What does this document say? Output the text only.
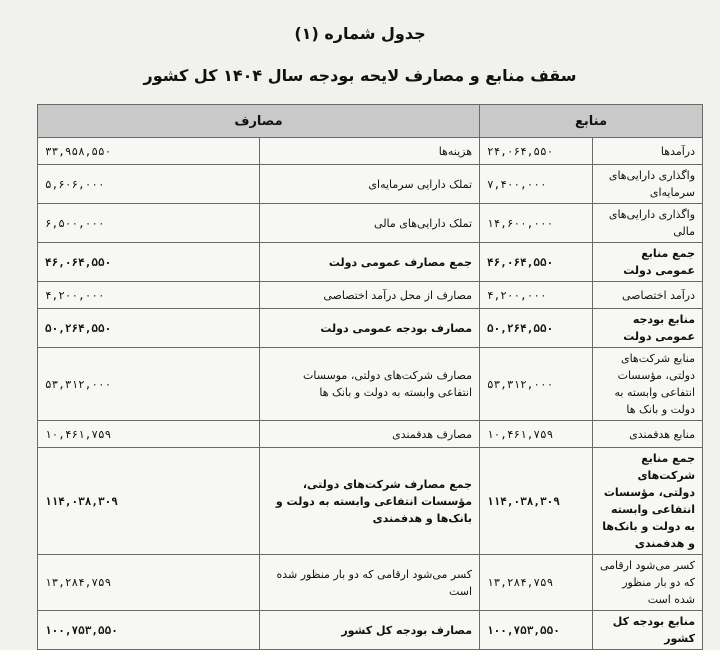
جدول شماره (۱)
سقف منابع و مصارف لایحه بودجه سال ۱۴۰۴ کل کشور
منابع		مصارف	
درآمدها	۲۴,۰۶۴,۵۵۰	هزینه‌ها	۳۳,۹۵۸,۵۵۰
واگذاری دارایی‌های سرمایه‌ای	۷,۴۰۰,۰۰۰	تملک دارایی سرمایه‌ای	۵,۶۰۶,۰۰۰
واگذاری دارایی‌های مالی	۱۴,۶۰۰,۰۰۰	تملک دارایی‌های مالی	۶,۵۰۰,۰۰۰
جمع منابع عمومی دولت	۴۶,۰۶۴,۵۵۰	جمع مصارف عمومی دولت	۴۶,۰۶۴,۵۵۰
درآمد اختصاصی	۴,۲۰۰,۰۰۰	مصارف از محل درآمد اختصاصی	۴,۲۰۰,۰۰۰
منابع بودجه عمومی دولت	۵۰,۲۶۴,۵۵۰	مصارف بودجه عمومی دولت	۵۰,۲۶۴,۵۵۰
منابع شرکت‌های دولتی، مؤسسات انتفاعی وابسته به دولت و بانک ها	۵۳,۳۱۲,۰۰۰	مصارف شرکت‌های دولتی، موسسات انتفاعی وابسته به دولت و بانک ها	۵۳,۳۱۲,۰۰۰
منابع هدفمندی	۱۰,۴۶۱,۷۵۹	مصارف هدفمندی	۱۰,۴۶۱,۷۵۹
جمع منابع شرکت‌های دولتی، مؤسسات انتفاعی وابسته به دولت و بانک‌ها و هدفمندی	۱۱۴,۰۳۸,۳۰۹	جمع مصارف شرکت‌های دولتی، مؤسسات انتفاعی وابسته به دولت و بانک‌ها و هدفمندی	۱۱۴,۰۳۸,۳۰۹
کسر می‌شود ارقامی که دو بار منظور شده است	۱۳,۲۸۴,۷۵۹	کسر می‌شود ارقامی که دو بار منظور شده است	۱۳,۲۸۴,۷۵۹
منابع بودجه کل کشور	۱۰۰,۷۵۳,۵۵۰	مصارف بودجه کل کشور	۱۰۰,۷۵۳,۵۵۰
